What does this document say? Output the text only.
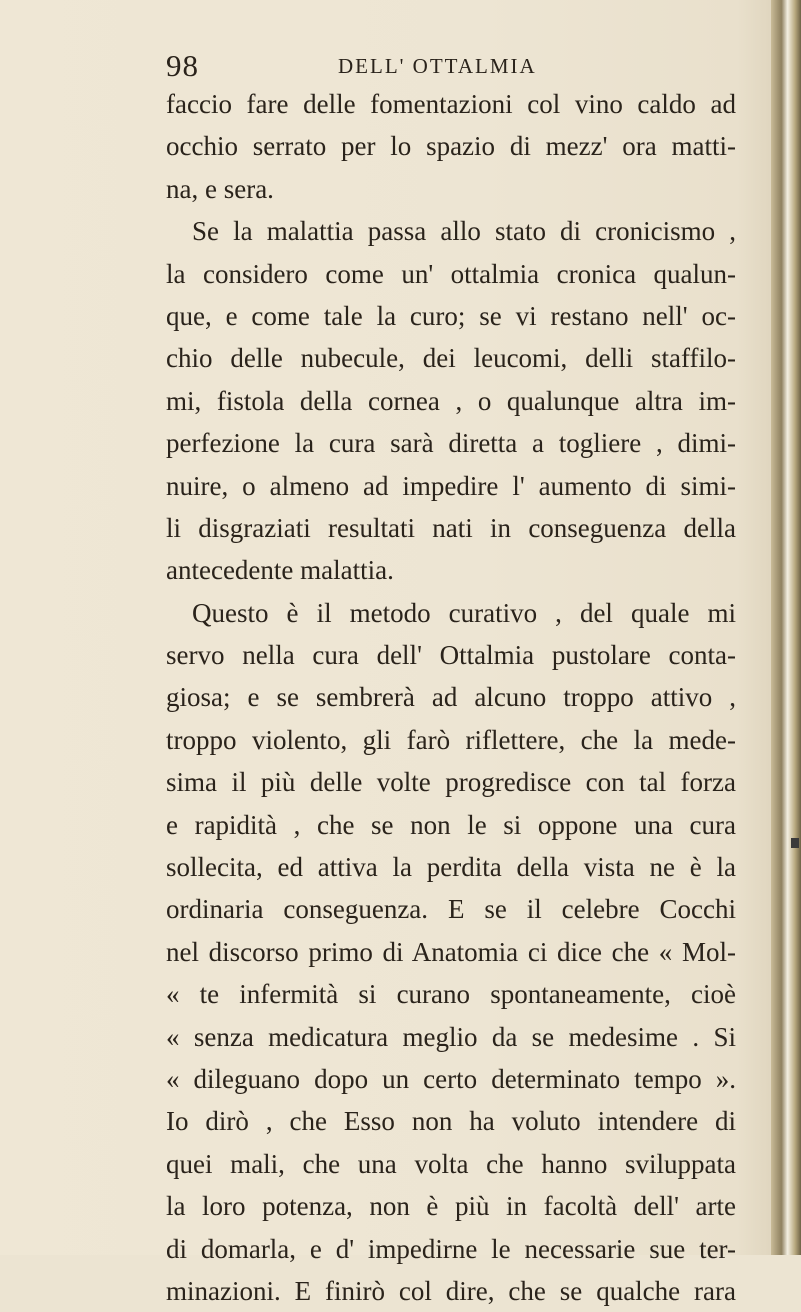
98	DELL' OTTALMIA
faccio fare delle fomentazioni col vino caldo ad
occhio serrato per lo spazio di mezz' ora matti-
na, e sera.
Se la malattia passa allo stato di cronicismo ,
la considero come un' ottalmia cronica qualun-
que, e come tale la curo; se vi restano nell' oc-
chio delle nubecule, dei leucomi, delli staffilo-
mi, fistola della cornea , o qualunque altra im-
perfezione la cura sarà diretta a togliere , dimi-
nuire, o almeno ad impedire l' aumento di simi-
li disgraziati resultati nati in conseguenza della
antecedente malattia.
Questo è il metodo curativo , del quale mi
servo nella cura dell' Ottalmia pustolare conta-
giosa; e se sembrerà ad alcuno troppo attivo ,
troppo violento, gli farò riflettere, che la mede-
sima il più delle volte progredisce con tal forza
e rapidità , che se non le si oppone una cura
sollecita, ed attiva la perdita della vista ne è la
ordinaria conseguenza. E se il celebre Cocchi
nel discorso primo di Anatomia ci dice che « Mol-
« te infermità si curano spontaneamente, cioè
« senza medicatura meglio da se medesime . Si
« dileguano dopo un certo determinato tempo ».
Io dirò , che Esso non ha voluto intendere di
quei mali, che una volta che hanno sviluppata
la loro potenza, non è più in facoltà dell' arte
di domarla, e d' impedirne le necessarie sue ter-
minazioni. E finirò col dire, che se qualche rara
